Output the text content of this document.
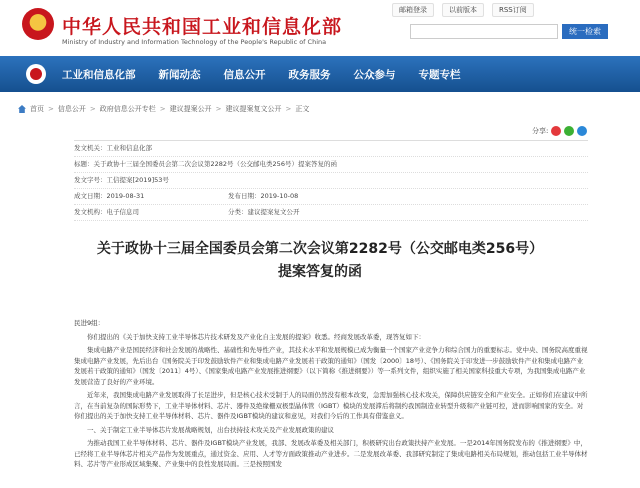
★ 中华人民共和国工业和信息化部
Ministry of Industry and Information Technology of the People's Republic of China
邮箱登录	以前版本	RSS订阅
统一检索
工业和信息化部 新闻动态 信息公开 政务服务 公众参与 专题专栏
首页 > 信息公开 > 政府信息公开专栏 > 建议提案公开 > 建议提案复文公开 > 正文
分享:
发文机关：工业和信息化部
标题：关于政协十三届全国委员会第二次会议第2282号（公交邮电类256号）提案答复的函
发文字号：工信提案[2019]53号
成文日期：2019-08-31	发布日期：2019-10-08
发文机构：电子信息司	分类：建议提案复文公开
关于政协十三届全国委员会第二次会议第2282号（公交邮电类256号）提案答复的函

民进9组：

你们提出的《关于加快支持工业半导体芯片技术研发及产业化自主发展的提案》收悉。经商发展改革委，现答复如下：

集成电路产业是国民经济和社会发展的战略性、基础性和先导性产业，其技术水平和发展规模已成为衡量一个国家产业竞争力和综合国力的重要标志。党中央、国务院高度重视集成电路产业发展，先后出台《国务院关于印发鼓励软件产业和集成电路产业发展若干政策的通知》（国发〔2000〕18号）、《国务院关于印发进一步鼓励软件产业和集成电路产业发展若干政策的通知》（国发〔2011〕4号）、《国家集成电路产业发展推进纲要》（以下简称《推进纲要》）等一系列文件，组织实施了相关国家科技重大专项，为我国集成电路产业发展营造了良好的产业环境。

近年来，我国集成电路产业发展取得了长足进步，但是核心技术受制于人的局面仍然没有根本改变，急需加强核心技术攻关，保障供应链安全和产业安全。正如你们在建议中所言，在当前复杂的国际形势下，工业半导体材料、芯片、器件及绝缘栅双极型晶体管（IGBT）模块的发展滞后将制约我国制造业转型升级和产业链可控，进而影响国家的安全。对你们提出的关于加快支持工业半导体材料、芯片、器件及IGBT模块的建议和意见，对我们今后的工作具有借鉴意义。

一、关于制定工业半导体芯片发展战略规划，出台扶持技术攻关及产业发展政策的建议

为推动我国工业半导体材料、芯片、器件及IGBT模块产业发展，我部、发展改革委及相关部门，积极研究出台政策扶持产业发展。一是2014年国务院发布的《推进纲要》中，已经将工业半导体芯片相关产品作为发展重点，通过资金、应用、人才等方面政策推动产业进步。二是发展改革委、我部研究制定了集成电路相关布局规划，推动包括工业半导体材料、芯片等产业形成区域集聚、产业集中的良性发展局面。三是按照国发
